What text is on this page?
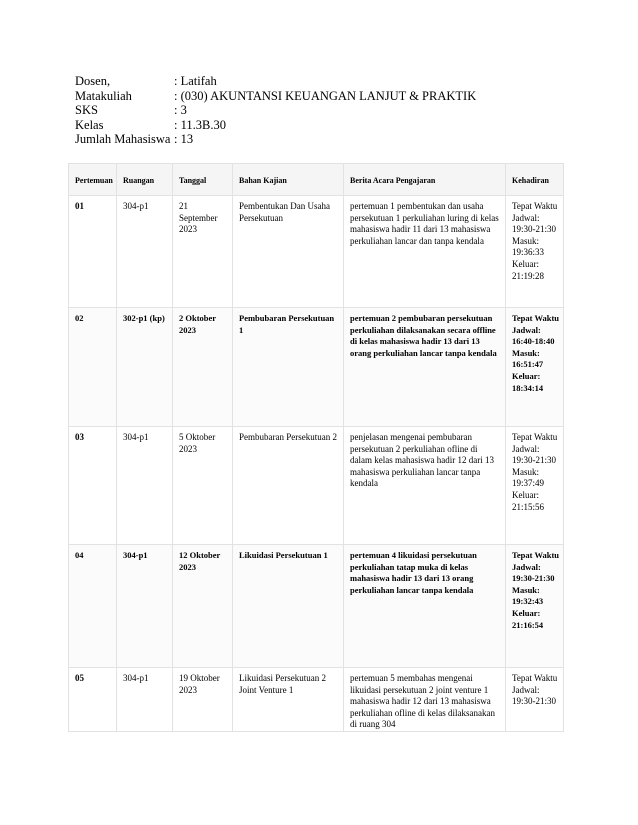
Dosen,	: Latifah
Matakuliah	: (030) AKUNTANSI KEUANGAN LANJUT & PRAKTIK
SKS	: 3
Kelas	: 11.3B.30
Jumlah Mahasiswa	: 13
Pertemuan	Ruangan	Tanggal	Bahan Kajian	Berita Acara Pengajaran	Kehadiran
01	304-p1	21 September 2023	Pembentukan Dan Usaha Persekutuan	pertemuan 1 pembentukan dan usaha persekutuan 1 perkuliahan luring di kelas mahasiswa hadir 11 dari 13 mahasiswa perkuliahan lancar dan tanpa kendala	Tepat Waktu
Jadwal: 19:30-21:30
Masuk: 19:36:33
Keluar: 21:19:28

02	302-p1 (kp)	2 Oktober 2023	Pembubaran Persekutuan 1	pertemuan 2 pembubaran persekutuan perkuliahan dilaksanakan secara offline di kelas mahasiswa hadir 13 dari 13 orang perkuliahan lancar tanpa kendala	Tepat Waktu
Jadwal: 16:40-18:40
Masuk: 16:51:47
Keluar: 18:34:14

03	304-p1	5 Oktober 2023	Pembubaran Persekutuan 2	penjelasan mengenai pembubaran persekutuan 2 perkuliahan ofline di dalam kelas mahasiswa hadir 12 dari 13 mahasiswa perkuliahan lancar tanpa kendala	Tepat Waktu
Jadwal: 19:30-21:30
Masuk: 19:37:49
Keluar: 21:15:56

04	304-p1	12 Oktober 2023	Likuidasi Persekutuan 1	pertemuan 4 likuidasi persekutuan perkuliahan tatap muka di kelas mahasiswa hadir 13 dari 13 orang perkuliahan lancar tanpa kendala	Tepat Waktu
Jadwal: 19:30-21:30
Masuk: 19:32:43
Keluar: 21:16:54

05	304-p1	19 Oktober 2023	Likuidasi Persekutuan 2 Joint Venture 1	pertemuan 5 membahas mengenai likuidasi persekutuan 2 joint venture 1 mahasiswa hadir 12 dari 13 mahasiswa perkuliahan ofline di kelas dilaksanakan di ruang 304	Tepat Waktu
Jadwal: 19:30-21:30
